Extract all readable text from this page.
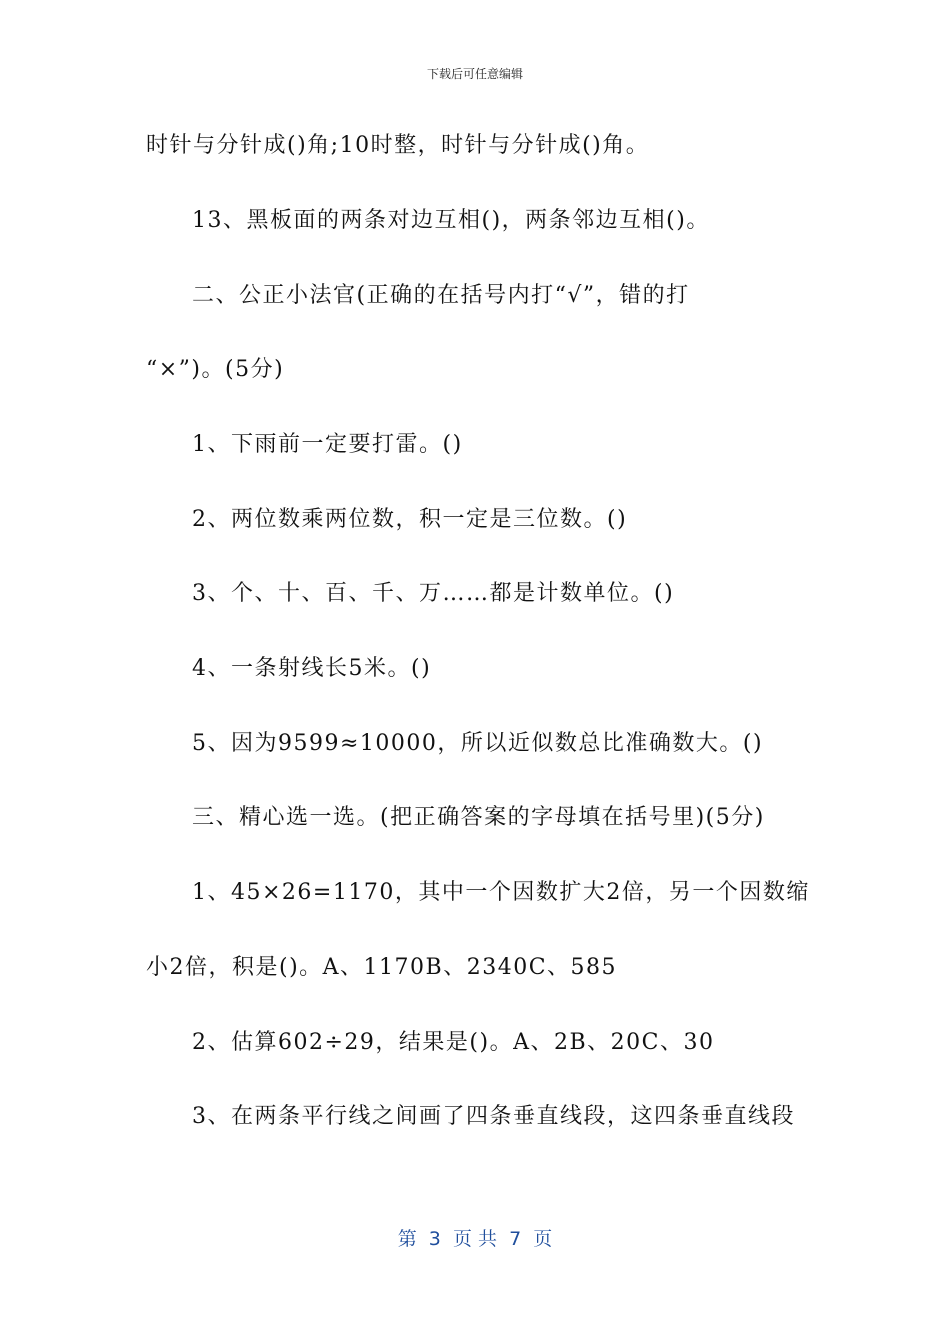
下载后可任意编辑
时针与分针成()角;10时整，时针与分针成()角。
13、黑板面的两条对边互相()，两条邻边互相()。
二、公正小法官(正确的在括号内打“√”，错的打
“×”)。(5分)
1、下雨前一定要打雷。()
2、两位数乘两位数，积一定是三位数。()
3、个、十、百、千、万……都是计数单位。()
4、一条射线长5米。()
5、因为9599≈10000，所以近似数总比准确数大。()
三、精心选一选。(把正确答案的字母填在括号里)(5分)
1、45×26=1170，其中一个因数扩大2倍，另一个因数缩
小2倍，积是()。A、1170B、2340C、585
2、估算602÷29，结果是()。A、2B、20C、30
3、在两条平行线之间画了四条垂直线段，这四条垂直线段
第  3  页 共  7  页
